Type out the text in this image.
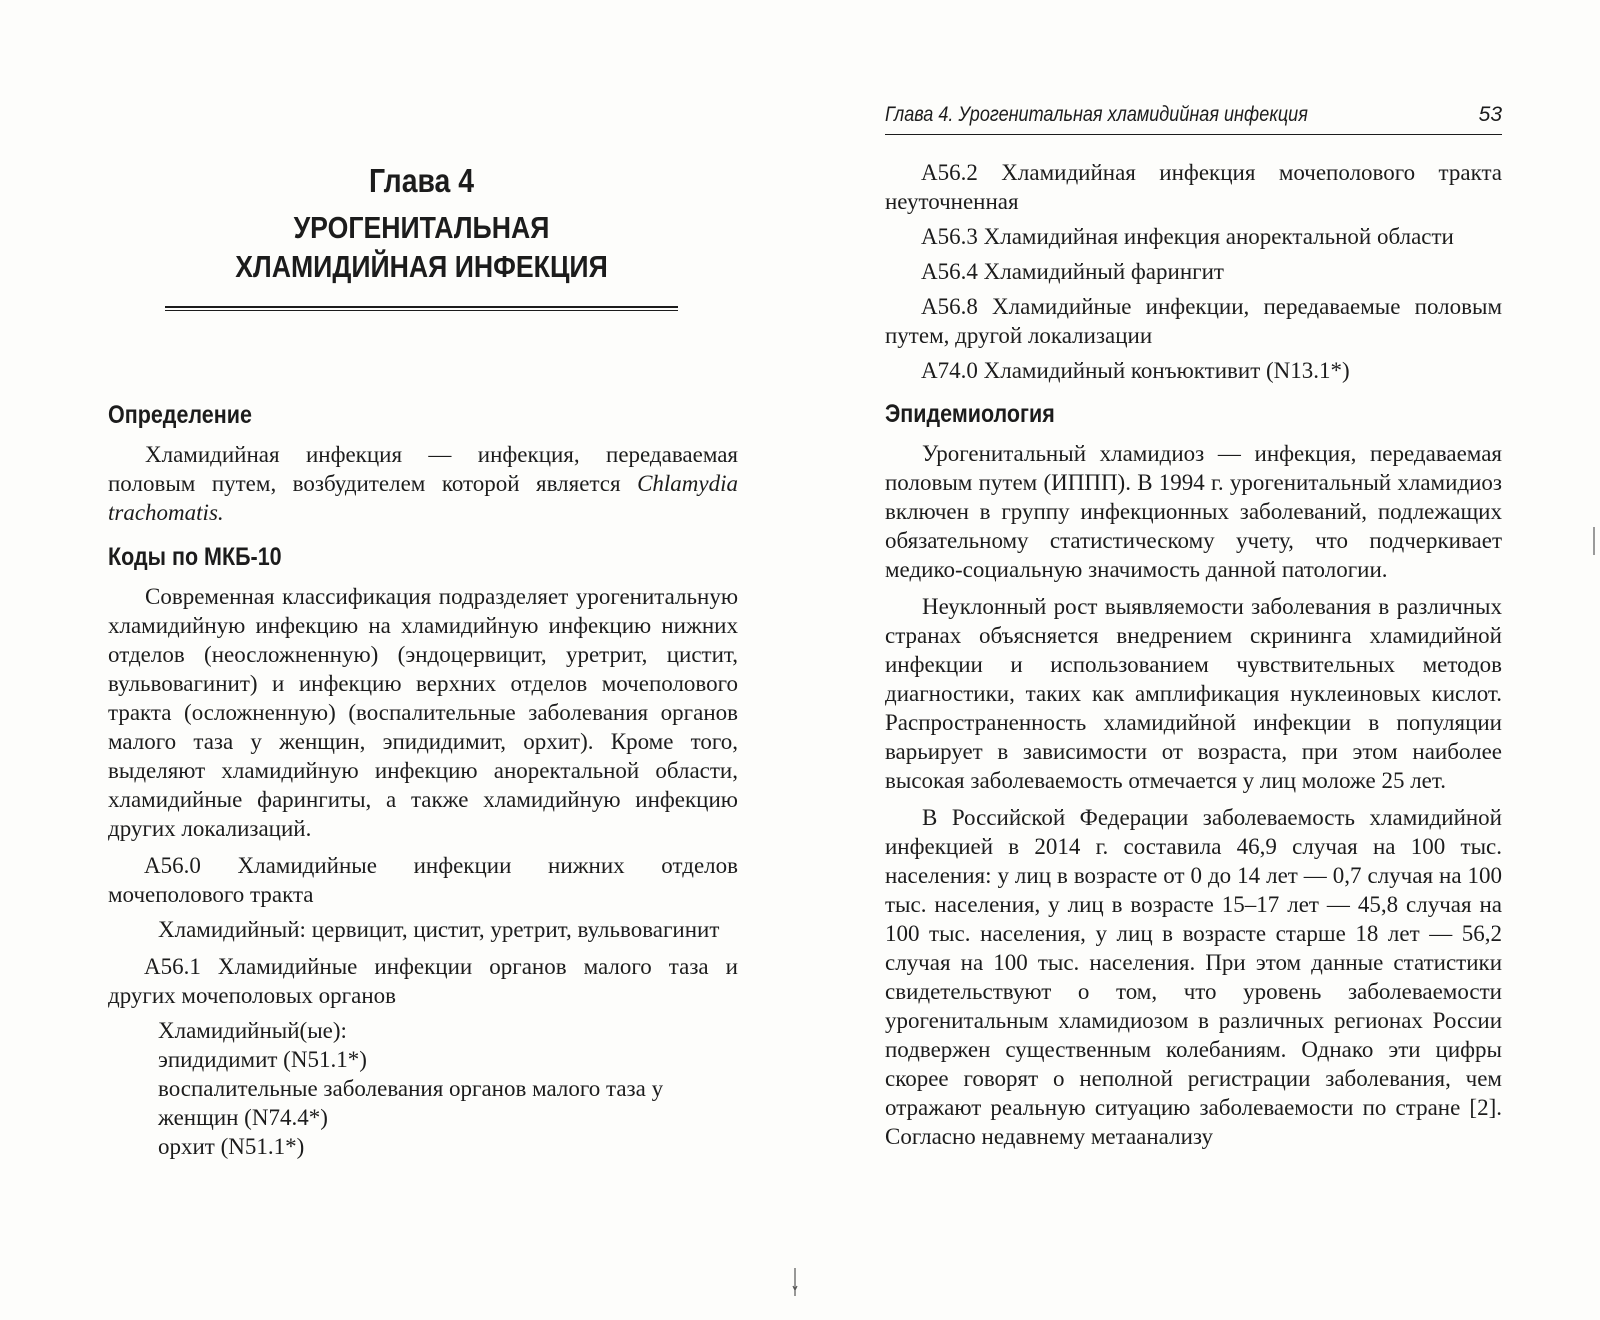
Глава 4
УРОГЕНИТАЛЬНАЯ ХЛАМИДИЙНАЯ ИНФЕКЦИЯ
Определение

Хламидийная инфекция — инфекция, передаваемая половым путем, возбудителем которой является Chlamydia trachomatis.

Коды по МКБ-10

Современная классификация подразделяет урогенитальную хламидийную инфекцию на хламидийную инфекцию нижних отделов (неосложненную) (эндоцервицит, уретрит, цистит, вульвовагинит) и инфекцию верхних отделов мочеполового тракта (осложненную) (воспалительные заболевания органов малого таза у женщин, эпидидимит, орхит). Кроме того, выделяют хламидийную инфекцию аноректальной области, хламидийные фарингиты, а также хламидийную инфекцию других локализаций.

A56.0 Хламидийные инфекции нижних отделов мочеполового тракта

Хламидийный: цервицит, цистит, уретрит, вульвовагинит

A56.1 Хламидийные инфекции органов малого таза и других мочеполовых органов

Хламидийный(ые):

эпидидимит (N51.1*)

воспалительные заболевания органов малого таза у женщин (N74.4*)

орхит (N51.1*)

Глава 4. Урогенитальная хламидийная инфекция	53

A56.2 Хламидийная инфекция мочеполового тракта неуточненная

A56.3 Хламидийная инфекция аноректальной области

A56.4 Хламидийный фарингит

A56.8 Хламидийные инфекции, передаваемые половым путем, другой локализации

A74.0 Хламидийный конъюктивит (N13.1*)

Эпидемиология

Урогенитальный хламидиоз — инфекция, передаваемая половым путем (ИППП). В 1994 г. урогенитальный хламидиоз включен в группу инфекционных заболеваний, подлежащих обязательному статистическому учету, что подчеркивает медико-социальную значимость данной патологии.

Неуклонный рост выявляемости заболевания в различных странах объясняется внедрением скрининга хламидийной инфекции и использованием чувствительных методов диагностики, таких как амплификация нуклеиновых кислот. Распространенность хламидийной инфекции в популяции варьирует в зависимости от возраста, при этом наиболее высокая заболеваемость отмечается у лиц моложе 25 лет.

В Российской Федерации заболеваемость хламидийной инфекцией в 2014 г. составила 46,9 случая на 100 тыс. населения: у лиц в возрасте от 0 до 14 лет — 0,7 случая на 100 тыс. населения, у лиц в возрасте 15–17 лет — 45,8 случая на 100 тыс. населения, у лиц в возрасте старше 18 лет — 56,2 случая на 100 тыс. населения. При этом данные статистики свидетельствуют о том, что уровень заболеваемости урогенитальным хламидиозом в различных регионах России подвержен существенным колебаниям. Однако эти цифры скорее говорят о неполной регистрации заболевания, чем отражают реальную ситуацию заболеваемости по стране [2]. Согласно недавнему метаанализу
